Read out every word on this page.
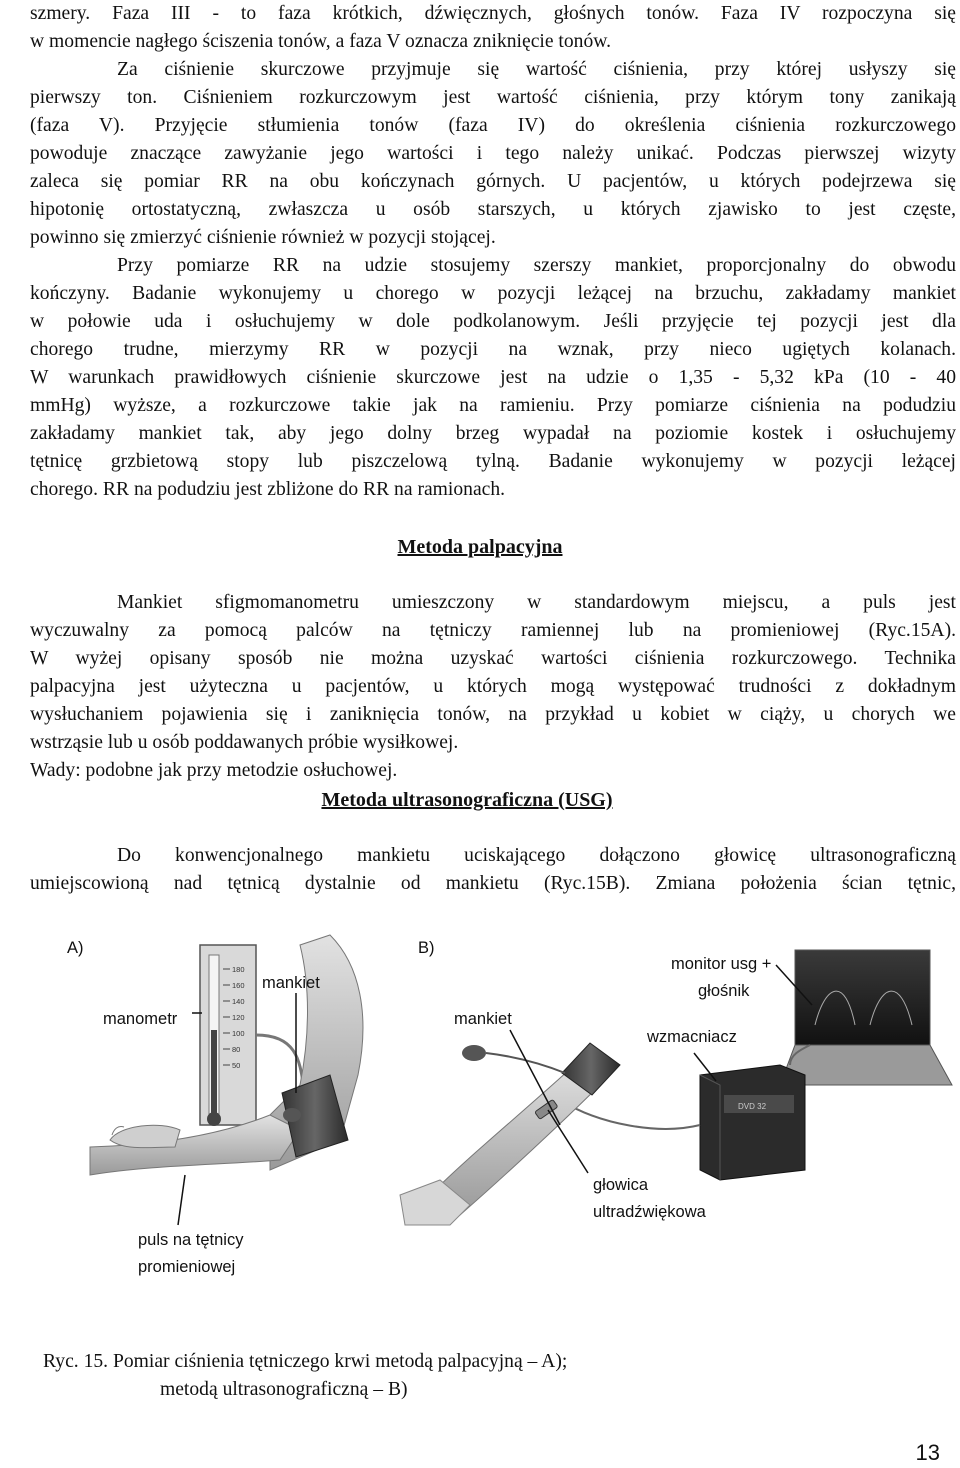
szmery. Faza III - to faza krótkich, dźwięcznych, głośnych tonów. Faza IV rozpoczyna się
w momencie nagłego ściszenia tonów, a faza V oznacza zniknięcie tonów.
Za ciśnienie skurczowe przyjmuje się wartość ciśnienia, przy której usłyszy się
pierwszy ton. Ciśnieniem rozkurczowym jest wartość ciśnienia, przy którym tony zanikają
(faza V). Przyjęcie stłumienia tonów (faza IV) do określenia ciśnienia rozkurczowego
powoduje znaczące zawyżanie jego wartości i tego należy unikać. Podczas pierwszej wizyty
zaleca się pomiar RR na obu kończynach górnych. U pacjentów, u których podejrzewa się
hipotonię ortostatyczną, zwłaszcza u osób starszych, u których zjawisko to jest częste,
powinno się zmierzyć ciśnienie również w pozycji stojącej.
Przy pomiarze RR na udzie stosujemy szerszy mankiet, proporcjonalny do obwodu
kończyny. Badanie wykonujemy u chorego w pozycji leżącej na brzuchu, zakładamy mankiet
w połowie uda i osłuchujemy w dole podkolanowym. Jeśli przyjęcie tej pozycji jest dla
chorego trudne, mierzymy RR w pozycji na wznak, przy nieco ugiętych kolanach.
W warunkach prawidłowych ciśnienie skurczowe jest na udzie o 1,35 - 5,32 kPa (10 - 40
mmHg) wyższe, a rozkurczowe takie jak na ramieniu. Przy pomiarze ciśnienia na podudziu
zakładamy mankiet tak, aby jego dolny brzeg wypadał na poziomie kostek i osłuchujemy
tętnicę grzbietową stopy lub piszczelową tylną. Badanie wykonujemy w pozycji leżącej
chorego. RR na podudziu jest zbliżone do RR na ramionach.
Metoda palpacyjna
Mankiet sfigmomanometru umieszczony w standardowym miejscu, a puls jest
wyczuwalny za pomocą palców na tętniczy ramiennej lub na promieniowej (Ryc.15A).
W wyżej opisany sposób nie można uzyskać wartości ciśnienia rozkurczowego. Technika
palpacyjna jest użyteczna u pacjentów, u których mogą występować trudności z dokładnym
wysłuchaniem pojawienia się i zaniknięcia tonów, na przykład u kobiet w ciąży, u chorych we
wstrząsie lub u osób poddawanych próbie wysiłkowej.
Wady: podobne jak przy metodzie osłuchowej.
Metoda ultrasonograficzna (USG)
Do konwencjonalnego mankietu uciskającego dołączono głowicę ultrasonograficzną
umiejscowioną nad tętnicą dystalnie od mankietu (Ryc.15B). Zmiana położenia ścian tętnic,
180
160
140
120
100
80
50
DVD 32
A)	B)
manometr
mankiet
puls na tętnicy
promieniowej
mankiet
monitor usg +
głośnik
wzmacniacz
głowica
ultradźwiękowa
Ryc. 15. Pomiar ciśnienia tętniczego krwi metodą palpacyjną – A);
metodą ultrasonograficzną – B)
13
